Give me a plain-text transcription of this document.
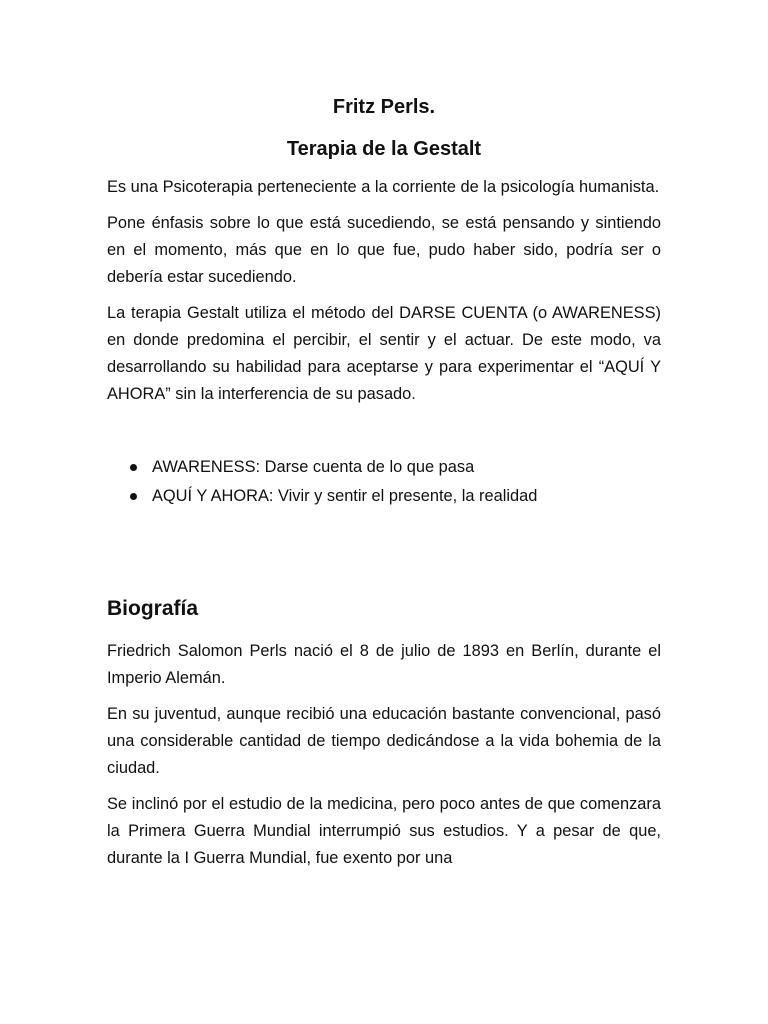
Fritz Perls.
Terapia de la Gestalt

Es una Psicoterapia perteneciente a la corriente de la psicología humanista.

Pone énfasis sobre lo que está sucediendo, se está pensando y sintiendo en el momento, más que en lo que fue, pudo haber sido, podría ser o debería estar sucediendo.

La terapia Gestalt utiliza el método del DARSE CUENTA (o AWARENESS) en donde predomina el percibir, el sentir y el actuar. De este modo, va desarrollando su habilidad para aceptarse y para experimentar el “AQUÍ Y AHORA” sin la interferencia de su pasado.

AWARENESS: Darse cuenta de lo que pasa
AQUÍ Y AHORA: Vivir y sentir el presente, la realidad
Biografía

Friedrich Salomon Perls nació el 8 de julio de 1893 en Berlín, durante el Imperio Alemán.

En su juventud, aunque recibió una educación bastante convencional, pasó una considerable cantidad de tiempo dedicándose a la vida bohemia de la ciudad.

Se inclinó por el estudio de la medicina, pero poco antes de que comenzara la Primera Guerra Mundial interrumpió sus estudios. Y a pesar de que, durante la I Guerra Mundial, fue exento por una
